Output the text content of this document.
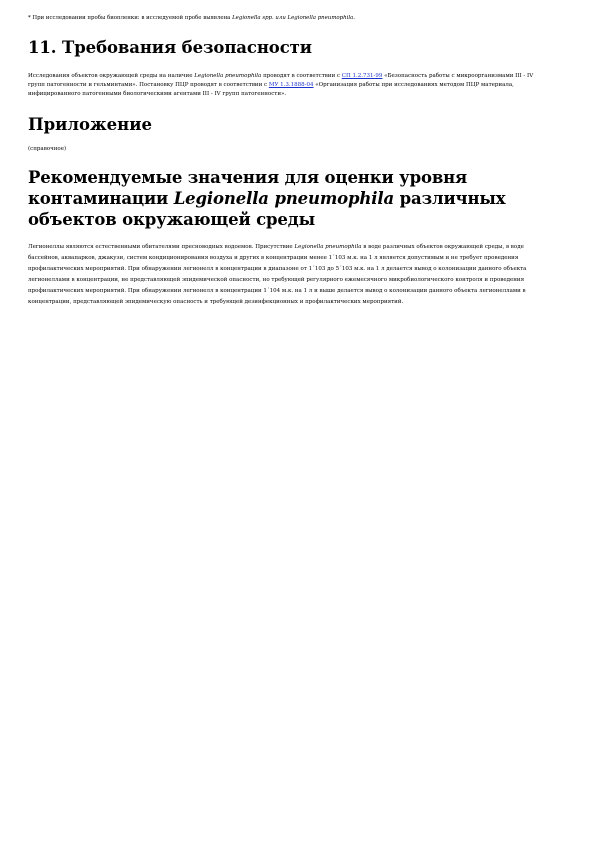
* При исследовании пробы биопленки: в исследуемой пробе выявлена Legionella spp. или Legionella pneumophila.

11. Требования безопасности

Исследования объектов окружающей среды на наличие Legionella pneumophila проводят в соответствии с СП 1.2.731-99 «Безопасность работы с микроорганизмами III - IV групп патогенности и гельминтами». Постановку ПЦР проводят в соответствии с МУ 1.3.1888-04 «Организация работы при исследованиях методом ПЦР материала, инфицированного патогенными биологическими агентами III - IV групп патогенности».

Приложение

(справочное)

Рекомендуемые значения для оценки уровня контаминации Legionella pneumophila различных объектов окружающей среды

Легионеллы являются естественными обитателями пресноводных водоемов. Присутствие Legionella pneumophila в воде различных объектов окружающей среды, в воде бассейнов, аквапарков, джакузи, систем кондиционирования воздуха и других в концентрации менее 1´103 м.к. на 1 л является допустимым и не требует проведения профилактических мероприятий. При обнаружении легионелл в концентрации в диапазоне от 1´103 до 5´103 м.к. на 1 л делается вывод о колонизации данного объекта легионеллами в концентрации, не представляющей эпидемической опасности, но требующей регулярного ежемесячного микробиологического контроля и проведения профилактических мероприятий. При обнаружении легионелл в концентрации 1´104 м.к. на 1 л и выше делается вывод о колонизации данного объекта легионеллами в концентрации, представляющей эпидемическую опасность и требующей дезинфекционных и профилактических мероприятий.
